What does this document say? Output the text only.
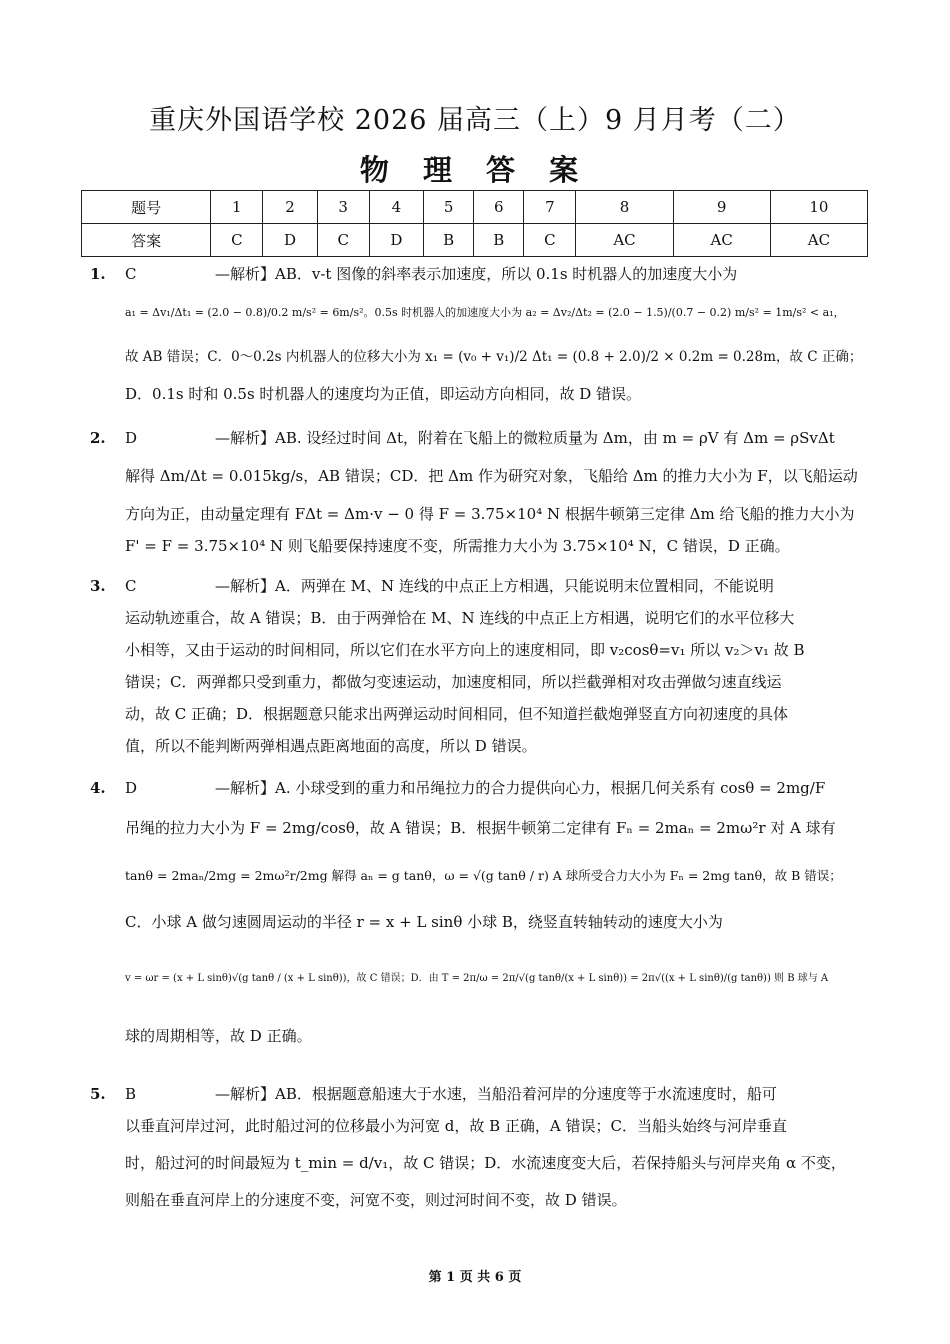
重庆外国语学校 2026 届高三（上）9 月月考（二）
物 理 答 案
题号	1	2	3	4	5	6	7	8	9	10
答案	C	D	C	D	B	B	C	AC	AC	AC
1. C	—解析】AB．v-t 图像的斜率表示加速度，所以 0.1s 时机器人的加速度大小为
a₁ = Δv₁/Δt₁ = (2.0 − 0.8)/0.2 m/s² = 6m/s²。0.5s 时机器人的加速度大小为 a₂ = Δv₂/Δt₂ = (2.0 − 1.5)/(0.7 − 0.2) m/s² = 1m/s² < a₁，
故 AB 错误；C．0～0.2s 内机器人的位移大小为 x₁ = (v₀ + v₁)/2 Δt₁ = (0.8 + 2.0)/2 × 0.2m = 0.28m，故 C 正确；
D．0.1s 时和 0.5s 时机器人的速度均为正值，即运动方向相同，故 D 错误。
2. D	—解析】AB. 设经过时间 Δt，附着在飞船上的微粒质量为 Δm，由 m = ρV 有 Δm = ρSvΔt
解得 Δm/Δt = 0.015kg/s，AB 错误；CD．把 Δm 作为研究对象，飞船给 Δm 的推力大小为 F，以飞船运动
方向为正，由动量定理有 FΔt = Δm·v − 0 得 F = 3.75×10⁴ N 根据牛顿第三定律 Δm 给飞船的推力大小为
F' = F = 3.75×10⁴ N 则飞船要保持速度不变，所需推力大小为 3.75×10⁴ N，C 错误，D 正确。
3. C	—解析】A．两弹在 M、N 连线的中点正上方相遇，只能说明末位置相同，不能说明
运动轨迹重合，故 A 错误；B．由于两弹恰在 M、N 连线的中点正上方相遇，说明它们的水平位移大
小相等，又由于运动的时间相同，所以它们在水平方向上的速度相同，即 v₂cosθ=v₁ 所以 v₂＞v₁ 故 B
错误；C．两弹都只受到重力，都做匀变速运动，加速度相同，所以拦截弹相对攻击弹做匀速直线运
动，故 C 正确；D．根据题意只能求出两弹运动时间相同，但不知道拦截炮弹竖直方向初速度的具体
值，所以不能判断两弹相遇点距离地面的高度，所以 D 错误。
4. D	—解析】A. 小球受到的重力和吊绳拉力的合力提供向心力，根据几何关系有 cosθ = 2mg/F
吊绳的拉力大小为 F = 2mg/cosθ，故 A 错误；B．根据牛顿第二定律有 Fₙ = 2maₙ = 2mω²r 对 A 球有
tanθ = 2maₙ/2mg = 2mω²r/2mg 解得 aₙ = g tanθ，ω = √(g tanθ / r) A 球所受合力大小为 Fₙ = 2mg tanθ，故 B 错误；
C．小球 A 做匀速圆周运动的半径 r = x + L sinθ 小球 B，绕竖直转轴转动的速度大小为
v = ωr = (x + L sinθ)√(g tanθ / (x + L sinθ))，故 C 错误；D．由 T = 2π/ω = 2π/√(g tanθ/(x + L sinθ)) = 2π√((x + L sinθ)/(g tanθ)) 则 B 球与 A
球的周期相等，故 D 正确。
5. B	—解析】AB．根据题意船速大于水速，当船沿着河岸的分速度等于水流速度时，船可
以垂直河岸过河，此时船过河的位移最小为河宽 d，故 B 正确，A 错误；C．当船头始终与河岸垂直
时，船过河的时间最短为 t_min = d/v₁，故 C 错误；D．水流速度变大后，若保持船头与河岸夹角 α 不变，
则船在垂直河岸上的分速度不变，河宽不变，则过河时间不变，故 D 错误。
第 1 页 共 6 页
